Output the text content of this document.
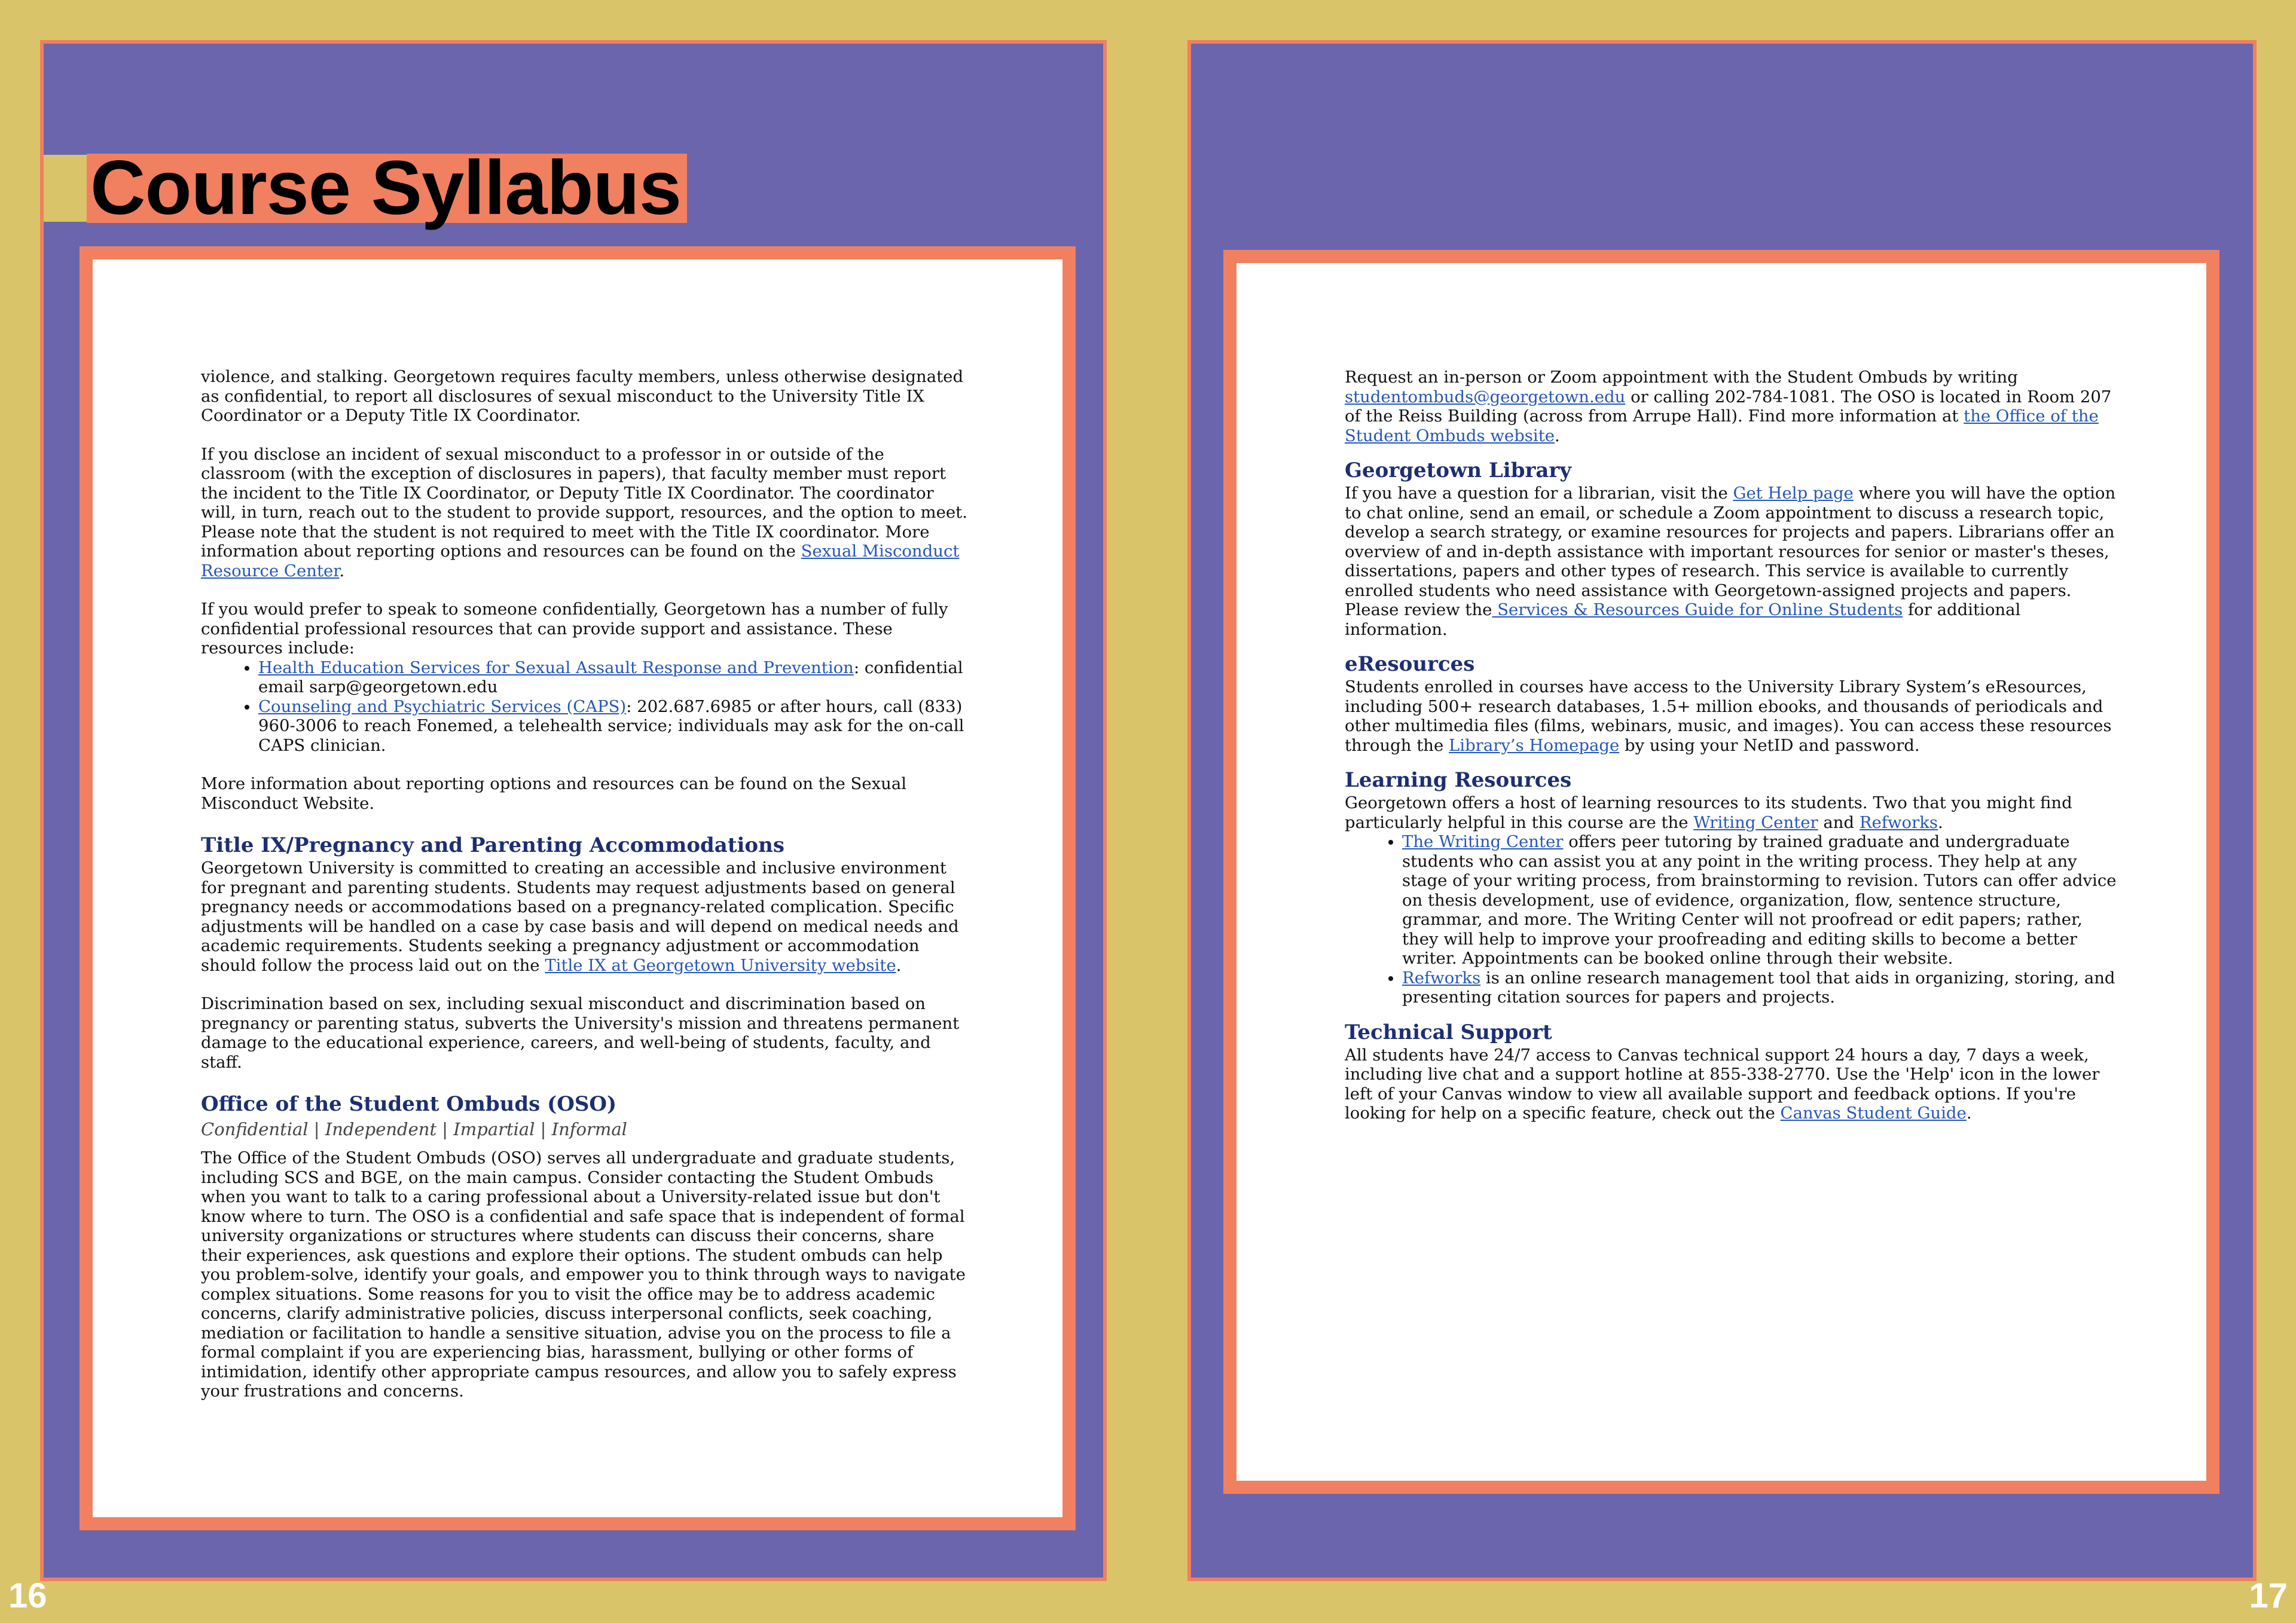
Course Syllabus

violence, and stalking. Georgetown requires faculty members, unless otherwise designated as confidential, to report all disclosures of sexual misconduct to the University Title IX Coordinator or a Deputy Title IX Coordinator.

If you disclose an incident of sexual misconduct to a professor in or outside of the classroom (with the exception of disclosures in papers), that faculty member must report the incident to the Title IX Coordinator, or Deputy Title IX Coordinator. The coordinator will, in turn, reach out to the student to provide support, resources, and the option to meet. Please note that the student is not required to meet with the Title IX coordinator. More information about reporting options and resources can be found on the Sexual Misconduct Resource Center.

If you would prefer to speak to someone confidentially, Georgetown has a number of fully confidential professional resources that can provide support and assistance. These resources include:

• Health Education Services for Sexual Assault Response and Prevention: confidential email sarp@georgetown.edu
• Counseling and Psychiatric Services (CAPS): 202.687.6985 or after hours, call (833) 960-3006 to reach Fonemed, a telehealth service; individuals may ask for the on-call CAPS clinician.

More information about reporting options and resources can be found on the Sexual Misconduct Website.

Title IX/Pregnancy and Parenting Accommodations

Georgetown University is committed to creating an accessible and inclusive environment for pregnant and parenting students. Students may request adjustments based on general pregnancy needs or accommodations based on a pregnancy-related complication. Specific adjustments will be handled on a case by case basis and will depend on medical needs and academic requirements. Students seeking a pregnancy adjustment or accommodation should follow the process laid out on the Title IX at Georgetown University website.

Discrimination based on sex, including sexual misconduct and discrimination based on pregnancy or parenting status, subverts the University's mission and threatens permanent damage to the educational experience, careers, and well-being of students, faculty, and staff.

Office of the Student Ombuds (OSO)

Confidential | Independent | Impartial | Informal

The Office of the Student Ombuds (OSO) serves all undergraduate and graduate students, including SCS and BGE, on the main campus. Consider contacting the Student Ombuds when you want to talk to a caring professional about a University-related issue but don't know where to turn. The OSO is a confidential and safe space that is independent of formal university organizations or structures where students can discuss their concerns, share their experiences, ask questions and explore their options. The student ombuds can help you problem-solve, identify your goals, and empower you to think through ways to navigate complex situations. Some reasons for you to visit the office may be to address academic concerns, clarify administrative policies, discuss interpersonal conflicts, seek coaching, mediation or facilitation to handle a sensitive situation, advise you on the process to file a formal complaint if you are experiencing bias, harassment, bullying or other forms of intimidation, identify other appropriate campus resources, and allow you to safely express your frustrations and concerns.

16

Request an in-person or Zoom appointment with the Student Ombuds by writing studentombuds@georgetown.edu or calling 202-784-1081. The OSO is located in Room 207 of the Reiss Building (across from Arrupe Hall). Find more information at the Office of the Student Ombuds website.

Georgetown Library

If you have a question for a librarian, visit the Get Help page where you will have the option to chat online, send an email, or schedule a Zoom appointment to discuss a research topic, develop a search strategy, or examine resources for projects and papers. Librarians offer an overview of and in-depth assistance with important resources for senior or master's theses, dissertations, papers and other types of research. This service is available to currently enrolled students who need assistance with Georgetown-assigned projects and papers. Please review the Services & Resources Guide for Online Students for additional information.

eResources

Students enrolled in courses have access to the University Library System’s eResources, including 500+ research databases, 1.5+ million ebooks, and thousands of periodicals and other multimedia files (films, webinars, music, and images). You can access these resources through the Library’s Homepage by using your NetID and password.

Learning Resources

Georgetown offers a host of learning resources to its students. Two that you might find particularly helpful in this course are the Writing Center and Refworks.

• The Writing Center offers peer tutoring by trained graduate and undergraduate students who can assist you at any point in the writing process. They help at any stage of your writing process, from brainstorming to revision. Tutors can offer advice on thesis development, use of evidence, organization, flow, sentence structure, grammar, and more. The Writing Center will not proofread or edit papers; rather, they will help to improve your proofreading and editing skills to become a better writer. Appointments can be booked online through their website.
• Refworks is an online research management tool that aids in organizing, storing, and presenting citation sources for papers and projects.
Technical Support

All students have 24/7 access to Canvas technical support 24 hours a day, 7 days a week, including live chat and a support hotline at 855-338-2770. Use the 'Help' icon in the lower left of your Canvas window to view all available support and feedback options. If you're looking for help on a specific feature, check out the Canvas Student Guide.

17
